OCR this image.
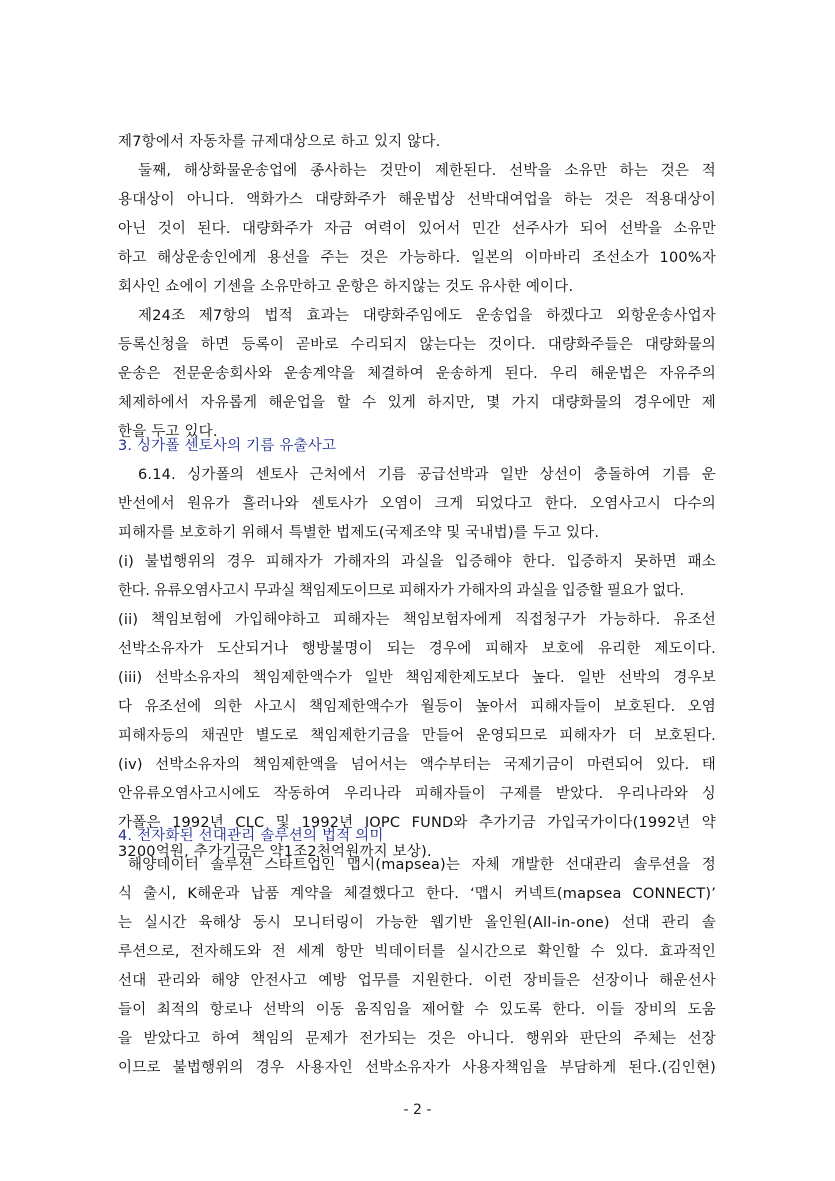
제7항에서 자동차를 규제대상으로 하고 있지 않다.
둘째, 해상화물운송업에 종사하는 것만이 제한된다. 선박을 소유만 하는 것은 적
용대상이 아니다. 액화가스 대량화주가 해운법상 선박대여업을 하는 것은 적용대상이
아닌 것이 된다. 대량화주가 자금 여력이 있어서 민간 선주사가 되어 선박을 소유만
하고 해상운송인에게 용선을 주는 것은 가능하다. 일본의 이마바리 조선소가 100%자
회사인 쇼에이 기센을 소유만하고 운항은 하지않는 것도 유사한 예이다.
제24조 제7항의 법적 효과는 대량화주임에도 운송업을 하겠다고 외항운송사업자
등록신청을 하면 등록이 곧바로 수리되지 않는다는 것이다. 대량화주들은 대량화물의
운송은 전문운송회사와 운송계약을 체결하여 운송하게 된다. 우리 해운법은 자유주의
체제하에서 자유롭게 해운업을 할 수 있게 하지만, 몇 가지 대량화물의 경우에만 제
한을 두고 있다.
3. 싱가폴 센토사의 기름 유출사고
6.14. 싱가폴의 센토사 근처에서 기름 공급선박과 일반 상선이 충돌하여 기름 운
반선에서 원유가 흘러나와 센토사가 오염이 크게 되었다고 한다. 오염사고시 다수의
피해자를 보호하기 위해서 특별한 법제도(국제조약 및 국내법)를 두고 있다.
(i) 불법행위의 경우 피해자가 가해자의 과실을 입증해야 한다. 입증하지 못하면 패소
한다. 유류오염사고시 무과실 책임제도이므로 피해자가 가해자의 과실을 입증할 필요가 없다.
(ii) 책임보험에 가입해야하고 피해자는 책임보험자에게 직접청구가 가능하다. 유조선
선박소유자가 도산되거나 행방불명이 되는 경우에 피해자 보호에 유리한 제도이다.
(iii) 선박소유자의 책임제한액수가 일반 책임제한제도보다 높다. 일반 선박의 경우보
다 유조선에 의한 사고시 책임제한액수가 월등이 높아서 피해자들이 보호된다. 오염
피해자등의 채권만 별도로 책임제한기금을 만들어 운영되므로 피해자가 더 보호된다.
(iv) 선박소유자의 책임제한액을 넘어서는 액수부터는 국제기금이 마련되어 있다. 태
안유류오염사고시에도 작동하여 우리나라 피해자들이 구제를 받았다. 우리나라와 싱
가폴은 1992년 CLC 및 1992년 IOPC FUND와 추가기금 가입국가이다(1992년 약
3200억원, 추가기금은 약1조2천억원까지 보상).
4. 전자화된 선대관리 솔루션의 법적 의미
해양데이터 솔루션 스타트업인 맵시(mapsea)는 자체 개발한 선대관리 솔루션을 정
식 출시, K해운과 납품 계약을 체결했다고 한다. ‘맵시 커넥트(mapsea CONNECT)’
는 실시간 육해상 동시 모니터링이 가능한 웹기반 올인원(All-in-one) 선대 관리 솔
루션으로, 전자해도와 전 세계 항만 빅데이터를 실시간으로 확인할 수 있다. 효과적인
선대 관리와 해양 안전사고 예방 업무를 지원한다. 이런 장비들은 선장이나 해운선사
들이 최적의 항로나 선박의 이동 움직임을 제어할 수 있도록 한다. 이들 장비의 도움
을 받았다고 하여 책임의 문제가 전가되는 것은 아니다. 행위와 판단의 주체는 선장
이므로 불법행위의 경우 사용자인 선박소유자가 사용자책임을 부담하게 된다.(김인현)
- 2 -
